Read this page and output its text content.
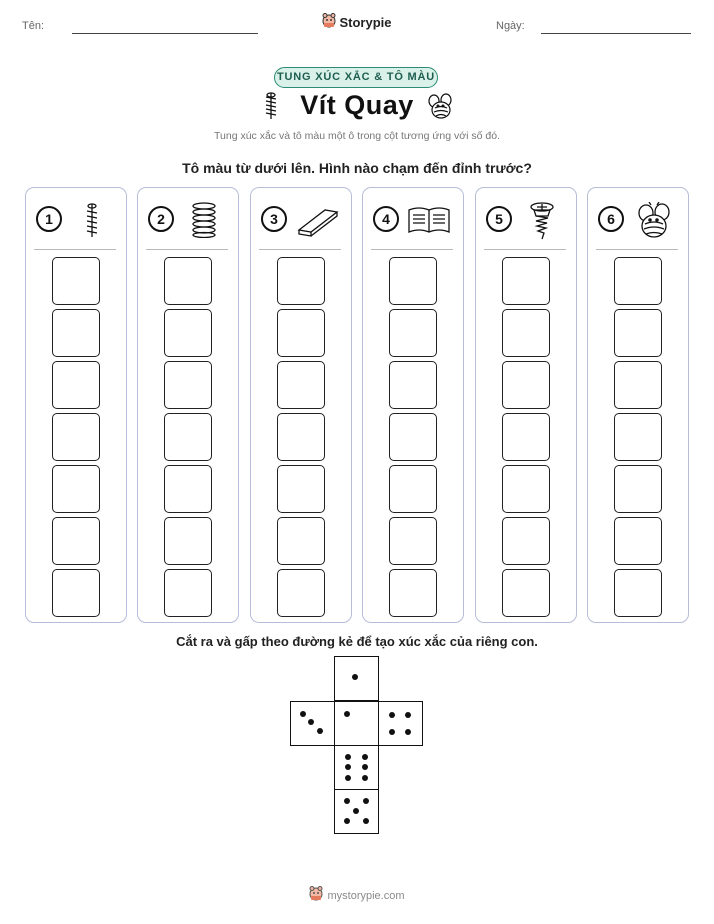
Tên:	Ngày:
Storypie
TUNG XÚC XẮC & TÔ MÀU
Vít Quay
Tung xúc xắc và tô màu một ô trong cột tương ứng với số đó.
Tô màu từ dưới lên. Hình nào chạm đến đỉnh trước?
1	2	3	4	5	6
Cắt ra và gấp theo đường kẻ để tạo xúc xắc của riêng con.
mystorypie.com
